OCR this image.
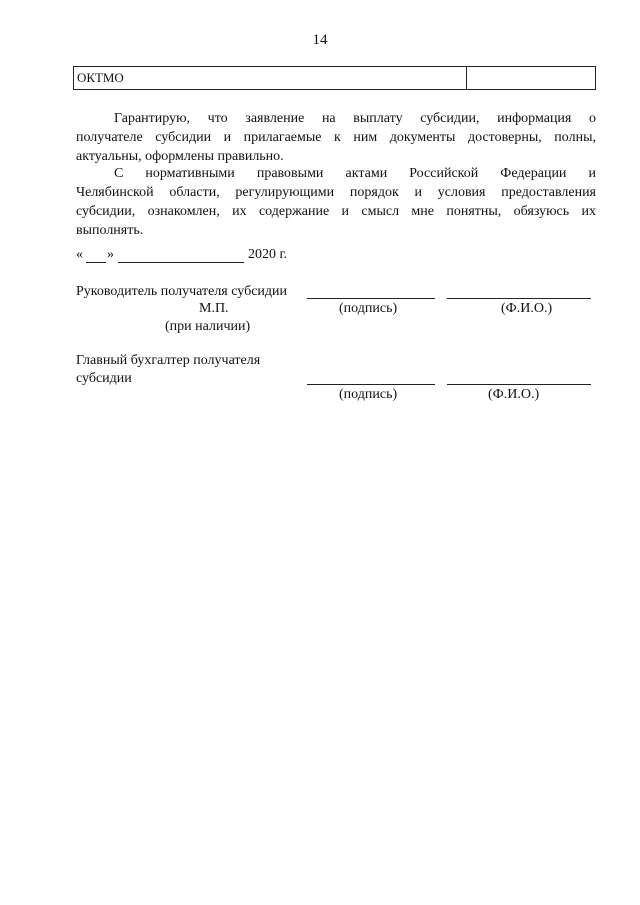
14
ОКТМО
Гарантирую, что заявление на выплату субсидии, информация о
получателе субсидии и прилагаемые к ним документы достоверны, полны,
актуальны, оформлены правильно.
С нормативными правовыми актами Российской Федерации и
Челябинской области, регулирующими порядок и условия предоставления
субсидии, ознакомлен, их содержание и смысл мне понятны, обязуюсь их
выполнять.
« »	2020 г.
Руководитель получателя субсидии
М.П.	(подпись)	(Ф.И.О.)
(при наличии)
Главный бухгалтер получателя
субсидии
(подпись)	(Ф.И.О.)
